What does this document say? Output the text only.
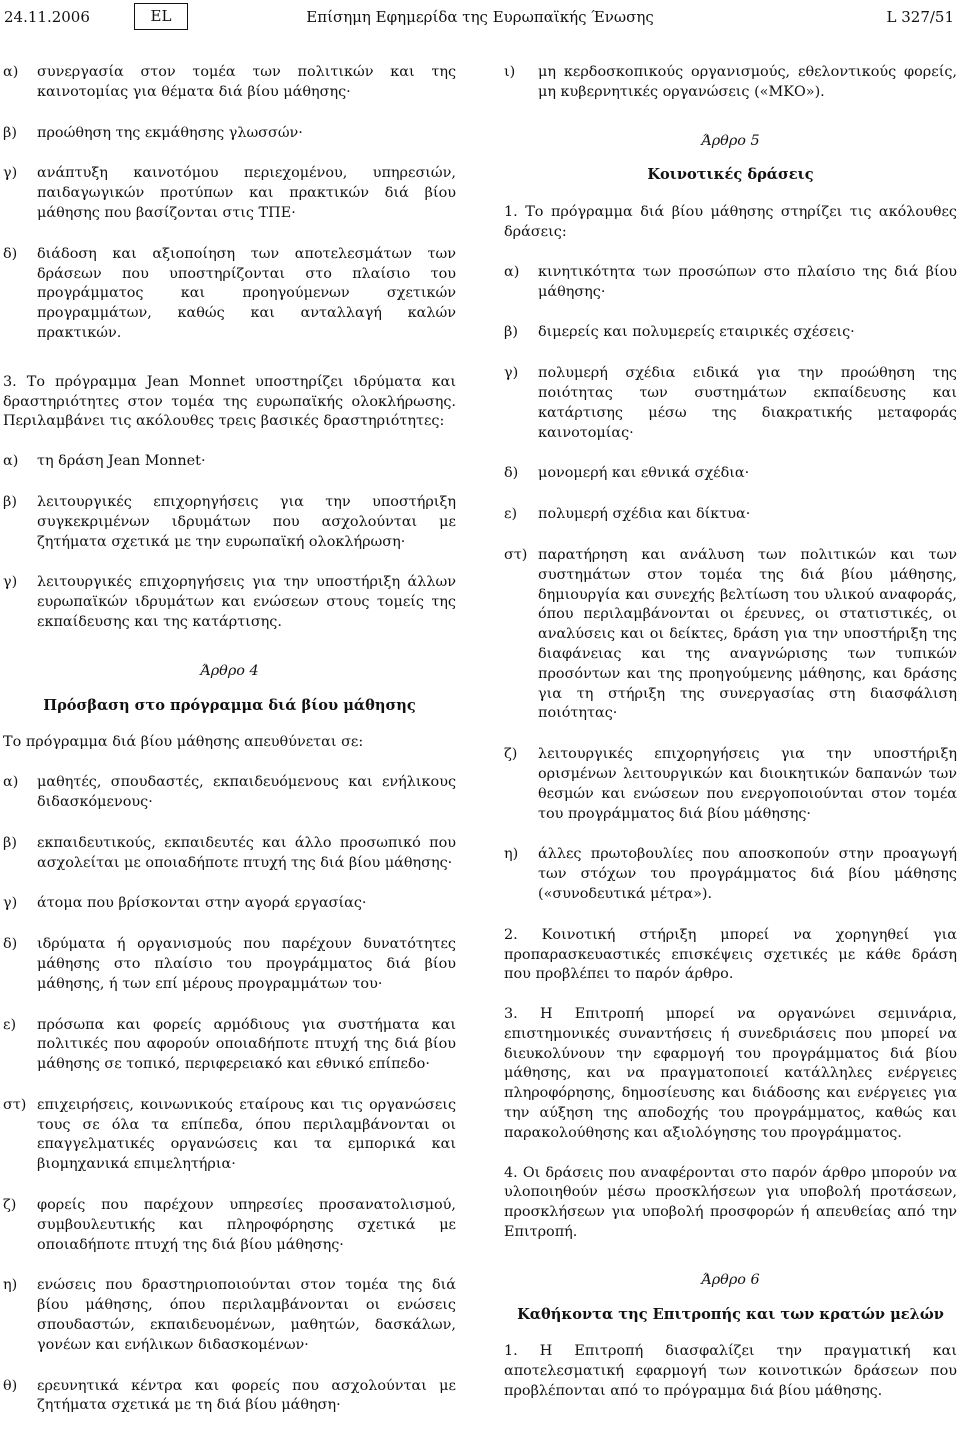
24.11.2006	EL	Επίσημη Εφημερίδα της Ευρωπαϊκής Ένωσης	L 327/51
α)	συνεργασία στον τομέα των πολιτικών και της καινοτομίας για θέματα διά βίου μάθησης·
β)	προώθηση της εκμάθησης γλωσσών·
γ)	ανάπτυξη καινοτόμου περιεχομένου, υπηρεσιών, παιδαγωγικών προτύπων και πρακτικών διά βίου μάθησης που βασίζονται στις ΤΠΕ·
δ)	διάδοση και αξιοποίηση των αποτελεσμάτων των δράσεων που υποστηρίζονται στο πλαίσιο του προγράμματος και προηγούμενων σχετικών προγραμμάτων, καθώς και ανταλλαγή καλών πρακτικών.

3. Το πρόγραμμα Jean Monnet υποστηρίζει ιδρύματα και δραστηριότητες στον τομέα της ευρωπαϊκής ολοκλήρωσης. Περιλαμβάνει τις ακόλουθες τρεις βασικές δραστηριότητες:

α)	τη δράση Jean Monnet·
β)	λειτουργικές επιχορηγήσεις για την υποστήριξη συγκεκριμένων ιδρυμάτων που ασχολούνται με ζητήματα σχετικά με την ευρωπαϊκή ολοκλήρωση·
γ)	λειτουργικές επιχορηγήσεις για την υποστήριξη άλλων ευρωπαϊκών ιδρυμάτων και ενώσεων στους τομείς της εκπαίδευσης και της κατάρτισης.
Άρθρο 4
Πρόσβαση στο πρόγραμμα διά βίου μάθησης

Το πρόγραμμα διά βίου μάθησης απευθύνεται σε:

α)	μαθητές, σπουδαστές, εκπαιδευόμενους και ενήλικους διδασκόμενους·
β)	εκπαιδευτικούς, εκπαιδευτές και άλλο προσωπικό που ασχολείται με οποιαδήποτε πτυχή της διά βίου μάθησης·
γ)	άτομα που βρίσκονται στην αγορά εργασίας·
δ)	ιδρύματα ή οργανισμούς που παρέχουν δυνατότητες μάθησης στο πλαίσιο του προγράμματος διά βίου μάθησης, ή των επί μέρους προγραμμάτων του·
ε)	πρόσωπα και φορείς αρμόδιους για συστήματα και πολιτικές που αφορούν οποιαδήποτε πτυχή της διά βίου μάθησης σε τοπικό, περιφερειακό και εθνικό επίπεδο·
στ) επιχειρήσεις, κοινωνικούς εταίρους και τις οργανώσεις τους σε όλα τα επίπεδα, όπου περιλαμβάνονται οι επαγγελματικές οργανώσεις και τα εμπορικά και βιομηχανικά επιμελητήρια·
ζ)	φορείς που παρέχουν υπηρεσίες προσανατολισμού, συμβουλευτικής και πληροφόρησης σχετικά με οποιαδήποτε πτυχή της διά βίου μάθησης·
η)	ενώσεις που δραστηριοποιούνται στον τομέα της διά βίου μάθησης, όπου περιλαμβάνονται οι ενώσεις σπουδαστών, εκπαιδευομένων, μαθητών, δασκάλων, γονέων και ενήλικων διδασκομένων·
θ)	ερευνητικά κέντρα και φορείς που ασχολούνται με ζητήματα σχετικά με τη διά βίου μάθηση·
ι)	μη κερδοσκοπικούς οργανισμούς, εθελοντικούς φορείς, μη κυβερνητικές οργανώσεις («ΜΚΟ»).
Άρθρο 5
Κοινοτικές δράσεις

1. Το πρόγραμμα διά βίου μάθησης στηρίζει τις ακόλουθες δράσεις:

α)	κινητικότητα των προσώπων στο πλαίσιο της διά βίου μάθησης·
β)	διμερείς και πολυμερείς εταιρικές σχέσεις·
γ)	πολυμερή σχέδια ειδικά για την προώθηση της ποιότητας των συστημάτων εκπαίδευσης και κατάρτισης μέσω της διακρατικής μεταφοράς καινοτομίας·
δ)	μονομερή και εθνικά σχέδια·
ε)	πολυμερή σχέδια και δίκτυα·
στ) παρατήρηση και ανάλυση των πολιτικών και των συστημάτων στον τομέα της διά βίου μάθησης, δημιουργία και συνεχής βελτίωση του υλικού αναφοράς, όπου περιλαμβάνονται οι έρευνες, οι στατιστικές, οι αναλύσεις και οι δείκτες, δράση για την υποστήριξη της διαφάνειας και της αναγνώρισης των τυπικών προσόντων και της προηγούμενης μάθησης, και δράσης για τη στήριξη της συνεργασίας στη διασφάλιση ποιότητας·
ζ)	λειτουργικές επιχορηγήσεις για την υποστήριξη ορισμένων λειτουργικών και διοικητικών δαπανών των θεσμών και ενώσεων που ενεργοποιούνται στον τομέα του προγράμματος διά βίου μάθησης·
η)	άλλες πρωτοβουλίες που αποσκοπούν στην προαγωγή των στόχων του προγράμματος διά βίου μάθησης («συνοδευτικά μέτρα»).

2. Κοινοτική στήριξη μπορεί να χορηγηθεί για προπαρασκευαστικές επισκέψεις σχετικές με κάθε δράση που προβλέπει το παρόν άρθρο.

3. Η Επιτροπή μπορεί να οργανώνει σεμινάρια, επιστημονικές συναντήσεις ή συνεδριάσεις που μπορεί να διευκολύνουν την εφαρμογή του προγράμματος διά βίου μάθησης, και να πραγματοποιεί κατάλληλες ενέργειες πληροφόρησης, δημοσίευσης και διάδοσης και ενέργειες για την αύξηση της αποδοχής του προγράμματος, καθώς και παρακολούθησης και αξιολόγησης του προγράμματος.

4. Οι δράσεις που αναφέρονται στο παρόν άρθρο μπορούν να υλοποιηθούν μέσω προσκλήσεων για υποβολή προτάσεων, προσκλήσεων για υποβολή προσφορών ή απευθείας από την Επιτροπή.

Άρθρο 6
Καθήκοντα της Επιτροπής και των κρατών μελών

1. Η Επιτροπή διασφαλίζει την πραγματική και αποτελεσματική εφαρμογή των κοινοτικών δράσεων που προβλέπονται από το πρόγραμμα διά βίου μάθησης.
